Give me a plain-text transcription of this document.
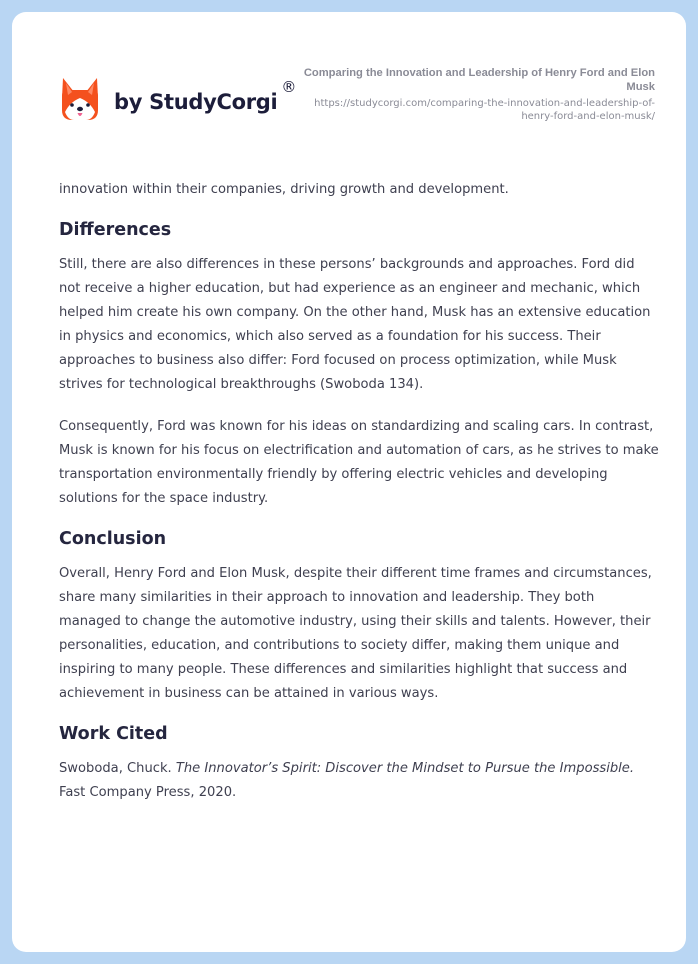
by StudyCorgi
®
Comparing the Innovation and Leadership of Henry Ford and Elon Musk
https://studycorgi.com/comparing-the-innovation-and-leadership-of-henry-ford-and-elon-musk/

innovation within their companies, driving growth and development.

Differences

Still, there are also differences in these persons’ backgrounds and approaches. Ford did not receive a higher education, but had experience as an engineer and mechanic, which helped him create his own company. On the other hand, Musk has an extensive education in physics and economics, which also served as a foundation for his success. Their approaches to business also differ: Ford focused on process optimization, while Musk strives for technological breakthroughs (Swoboda 134).

Consequently, Ford was known for his ideas on standardizing and scaling cars. In contrast, Musk is known for his focus on electrification and automation of cars, as he strives to make transportation environmentally friendly by offering electric vehicles and developing solutions for the space industry.

Conclusion

Overall, Henry Ford and Elon Musk, despite their different time frames and circumstances, share many similarities in their approach to innovation and leadership. They both managed to change the automotive industry, using their skills and talents. However, their personalities, education, and contributions to society differ, making them unique and inspiring to many people. These differences and similarities highlight that success and achievement in business can be attained in various ways.

Work Cited

Swoboda, Chuck. The Innovator’s Spirit: Discover the Mindset to Pursue the Impossible. Fast Company Press, 2020.
